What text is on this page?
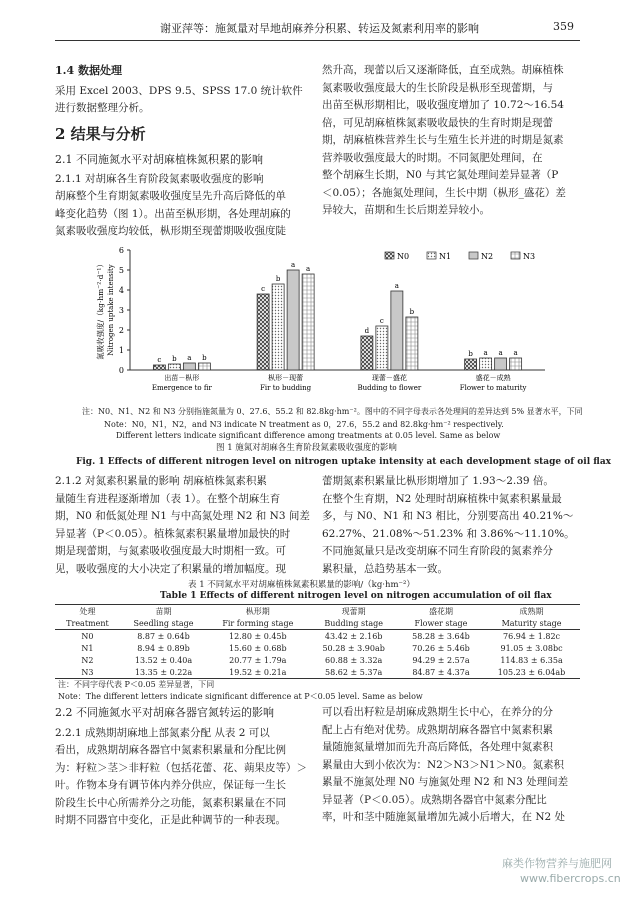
谢亚萍等：施氮量对旱地胡麻养分积累、转运及氮素利用率的影响	359
1.4 数据处理
采用 Excel 2003、DPS 9.5、SPSS 17.0 统计软件
进行数据整理分析。
2 结果与分析
2.1 不同施氮水平对胡麻植株氮积累的影响
2.1.1 对胡麻各生育阶段氮素吸收强度的影响
胡麻整个生育期氮素吸收强度呈先升高后降低的单
峰变化趋势（图 1）。出苗至枞形期，各处理胡麻的
氮素吸收强度均较低，枞形期至现蕾期吸收强度陡
然升高，现蕾以后又逐渐降低，直至成熟。胡麻植株
氮素吸收强度最大的生长阶段是枞形至现蕾期，与
出苗至枞形期相比，吸收强度增加了 10.72～16.54
倍，可见胡麻植株氮素吸收最快的生育时期是现蕾
期，胡麻植株营养生长与生殖生长并进的时期是氮素
营养吸收强度最大的时期。不同氮肥处理间，在
整个胡麻生长期，N0 与其它氮处理间差异显著（P
＜0.05）；各施氮处理间，生长中期（枞形_盛花）差
异较大，苗期和生长后期差异较小。
0
1
2
3
4
5
6
氮吸收强度/（kg·hm⁻²·d⁻¹） Nitrogen uptake intensity
c b a b
出苗－枞形
Emergence to fir
c
b
a a
枞形－现蕾
Fir to budding
d
c
a
b
现蕾－盛花
Budding to flower
b a a a
盛花－成熟
Flower to maturity
N0	N1	N2	N3
注：N0、N1、N2 和 N3 分别指施氮量为 0、27.6、55.2 和 82.8kg·hm⁻²。图中的不同字母表示各处理间的差异达到 5% 显著水平，下同
Note：N0，N1，N2，and N3 indicate N treatment as 0，27.6，55.2 and 82.8kg·hm⁻² respectively.
Different letters indicate significant difference among treatments at 0.05 level. Same as below
图 1 施氮对胡麻各生育阶段氮素吸收强度的影响
Fig. 1 Effects of different nitrogen level on nitrogen uptake intensity at each development stage of oil flax
2.1.2 对氮素积累量的影响 胡麻植株氮素积累
量随生育进程逐渐增加（表 1）。在整个胡麻生育
期，N0 和低氮处理 N1 与中高氮处理 N2 和 N3 间差
异显著（P＜0.05）。植株氮素积累量增加最快的时
期是现蕾期，与氮素吸收强度最大时期相一致。可
见，吸收强度的大小决定了积累量的增加幅度。现
蕾期氮素积累量比枞形期增加了 1.93～2.39 倍。
在整个生育期，N2 处理时胡麻植株中氮素积累量最
多，与 N0、N1 和 N3 相比，分别要高出 40.21%～
62.27%、21.08%～51.23% 和 3.86%～11.10%。
不同施氮量只是改变胡麻不同生育阶段的氮素养分
累积量，总趋势基本一致。
表 1 不同氮水平对胡麻植株氮素积累量的影响/（kg·hm⁻²）
Table 1 Effects of different nitrogen level on nitrogen accumulation of oil flax
处理	苗期	枞形期	现蕾期	盛花期	成熟期
Treatment	Seedling stage	Fir forming stage	Budding stage	Flower stage	Maturity stage
N0	8.87 ± 0.64b	12.80 ± 0.45b	43.42 ± 2.16b	58.28 ± 3.64b	76.94 ± 1.82c
N1	8.94 ± 0.89b	15.60 ± 0.68b	50.28 ± 3.90ab	70.26 ± 5.46b	91.05 ± 3.08bc
N2	13.52 ± 0.40a	20.77 ± 1.79a	60.88 ± 3.32a	94.29 ± 2.57a	114.83 ± 6.35a
N3	13.35 ± 0.22a	19.52 ± 0.21a	58.62 ± 5.37a	84.87 ± 4.37a	105.23 ± 6.04ab
注：不同字母代表 P＜0.05 差异显著，下同
Note：The different letters indicate significant difference at P＜0.05 level. Same as below
2.2 不同施氮水平对胡麻各器官氮转运的影响
2.2.1 成熟期胡麻地上部氮素分配 从表 2 可以
看出，成熟期胡麻各器官中氮素积累量和分配比例
为：籽粒＞茎＞非籽粒（包括花蕾、花、蒴果皮等）＞
叶。作物本身有调节体内养分供应，保证每一生长
阶段生长中心所需养分之功能，氮素积累量在不同
时期不同器官中变化，正是此种调节的一种表现。
可以看出籽粒是胡麻成熟期生长中心，在养分的分
配上占有绝对优势。成熟期胡麻各器官中氮素积累
量随施氮量增加而先升高后降低，各处理中氮素积
累量由大到小依次为：N2＞N3＞N1＞N0。氮素积
累量不施氮处理 N0 与施氮处理 N2 和 N3 处理间差
异显著（P＜0.05）。成熟期各器官中氮素分配比
率，叶和茎中随施氮量增加先减小后增大，在 N2 处
麻类作物营养与施肥网
www.fibercrops.cn
